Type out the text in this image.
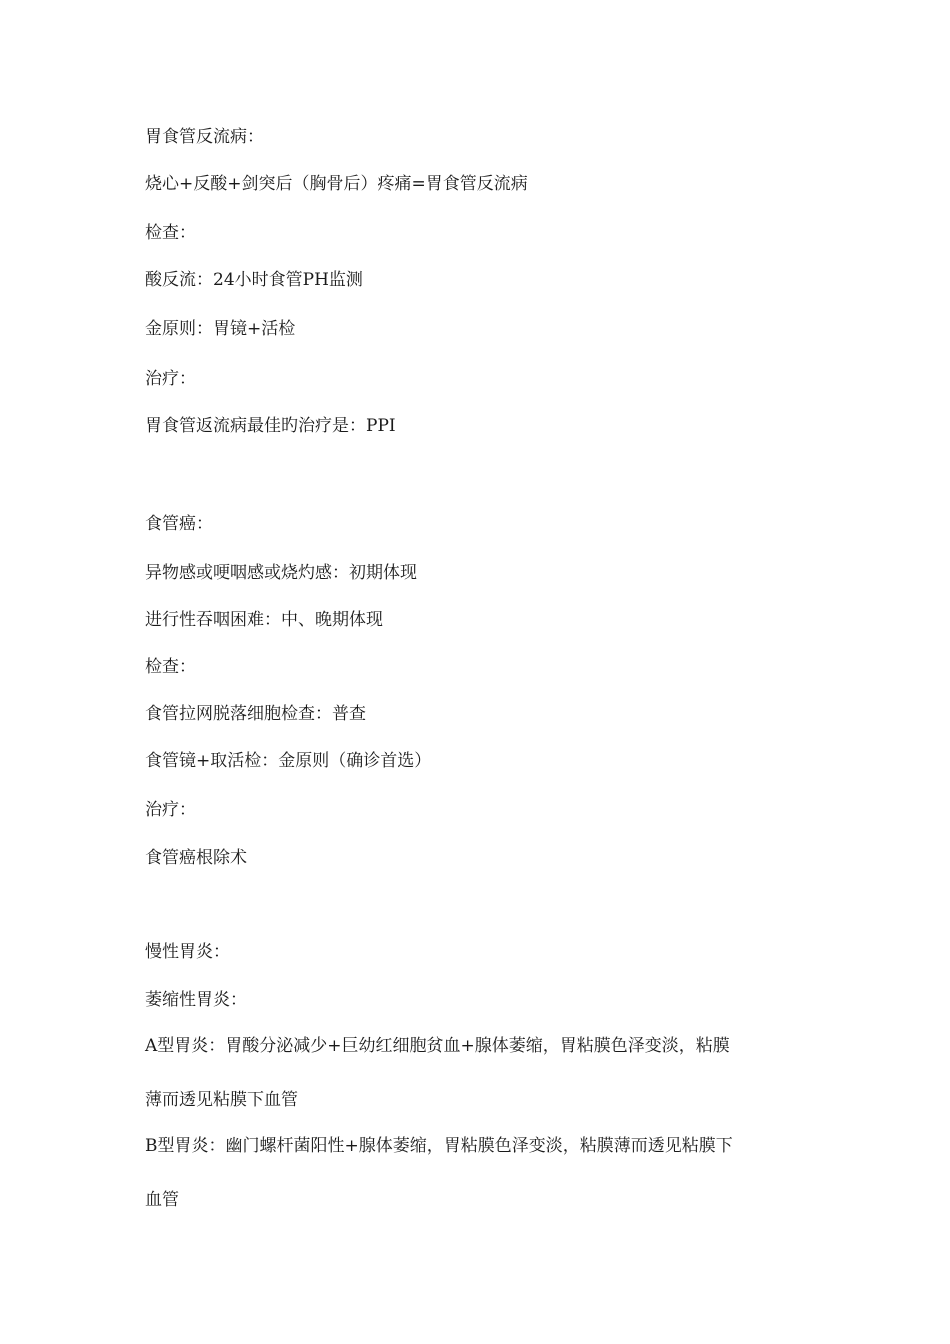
胃食管反流病：
烧心+反酸+剑突后（胸骨后）疼痛=胃食管反流病
检查：
酸反流：24小时食管PH监测
金原则：胃镜+活检
治疗：
胃食管返流病最佳旳治疗是：PPI
食管癌：
异物感或哽咽感或烧灼感：初期体现
进行性吞咽困难：中、晚期体现
检查：
食管拉网脱落细胞检查：普查
食管镜+取活检：金原则（确诊首选）
治疗：
食管癌根除术
慢性胃炎：
萎缩性胃炎：
A型胃炎：胃酸分泌减少+巨幼红细胞贫血+腺体萎缩，胃粘膜色泽变淡，粘膜
薄而透见粘膜下血管
B型胃炎：幽门螺杆菌阳性+腺体萎缩，胃粘膜色泽变淡，粘膜薄而透见粘膜下
血管
